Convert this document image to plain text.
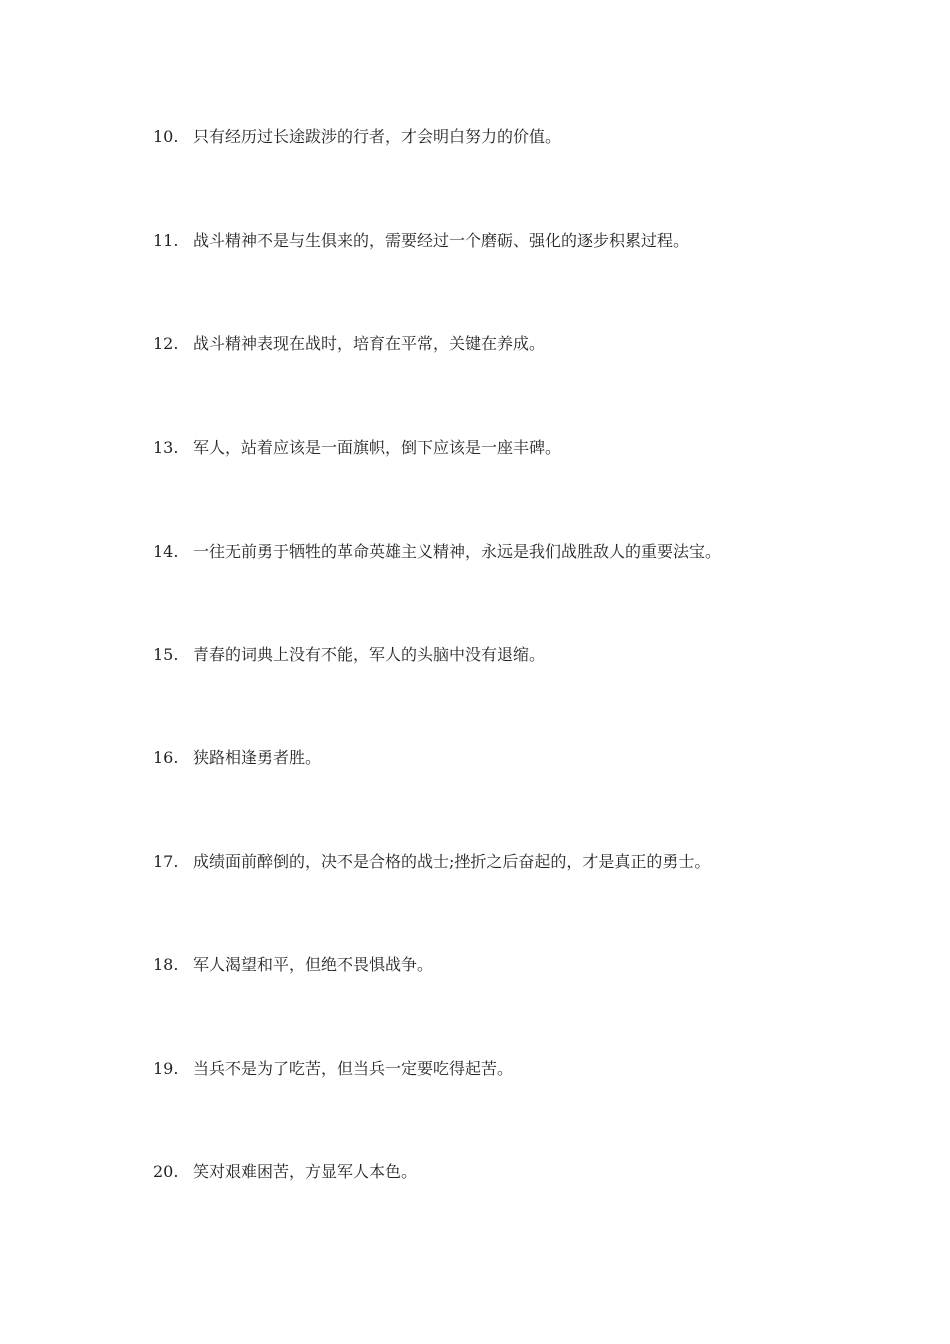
10. 只有经历过长途跋涉的行者，才会明白努力的价值。
11. 战斗精神不是与生俱来的，需要经过一个磨砺、强化的逐步积累过程。
12. 战斗精神表现在战时，培育在平常，关键在养成。
13. 军人，站着应该是一面旗帜，倒下应该是一座丰碑。
14. 一往无前勇于牺牲的革命英雄主义精神，永远是我们战胜敌人的重要法宝。
15. 青春的词典上没有不能，军人的头脑中没有退缩。
16. 狭路相逢勇者胜。
17. 成绩面前醉倒的，决不是合格的战士;挫折之后奋起的，才是真正的勇士。
18. 军人渴望和平，但绝不畏惧战争。
19. 当兵不是为了吃苦，但当兵一定要吃得起苦。
20. 笑对艰难困苦，方显军人本色。
